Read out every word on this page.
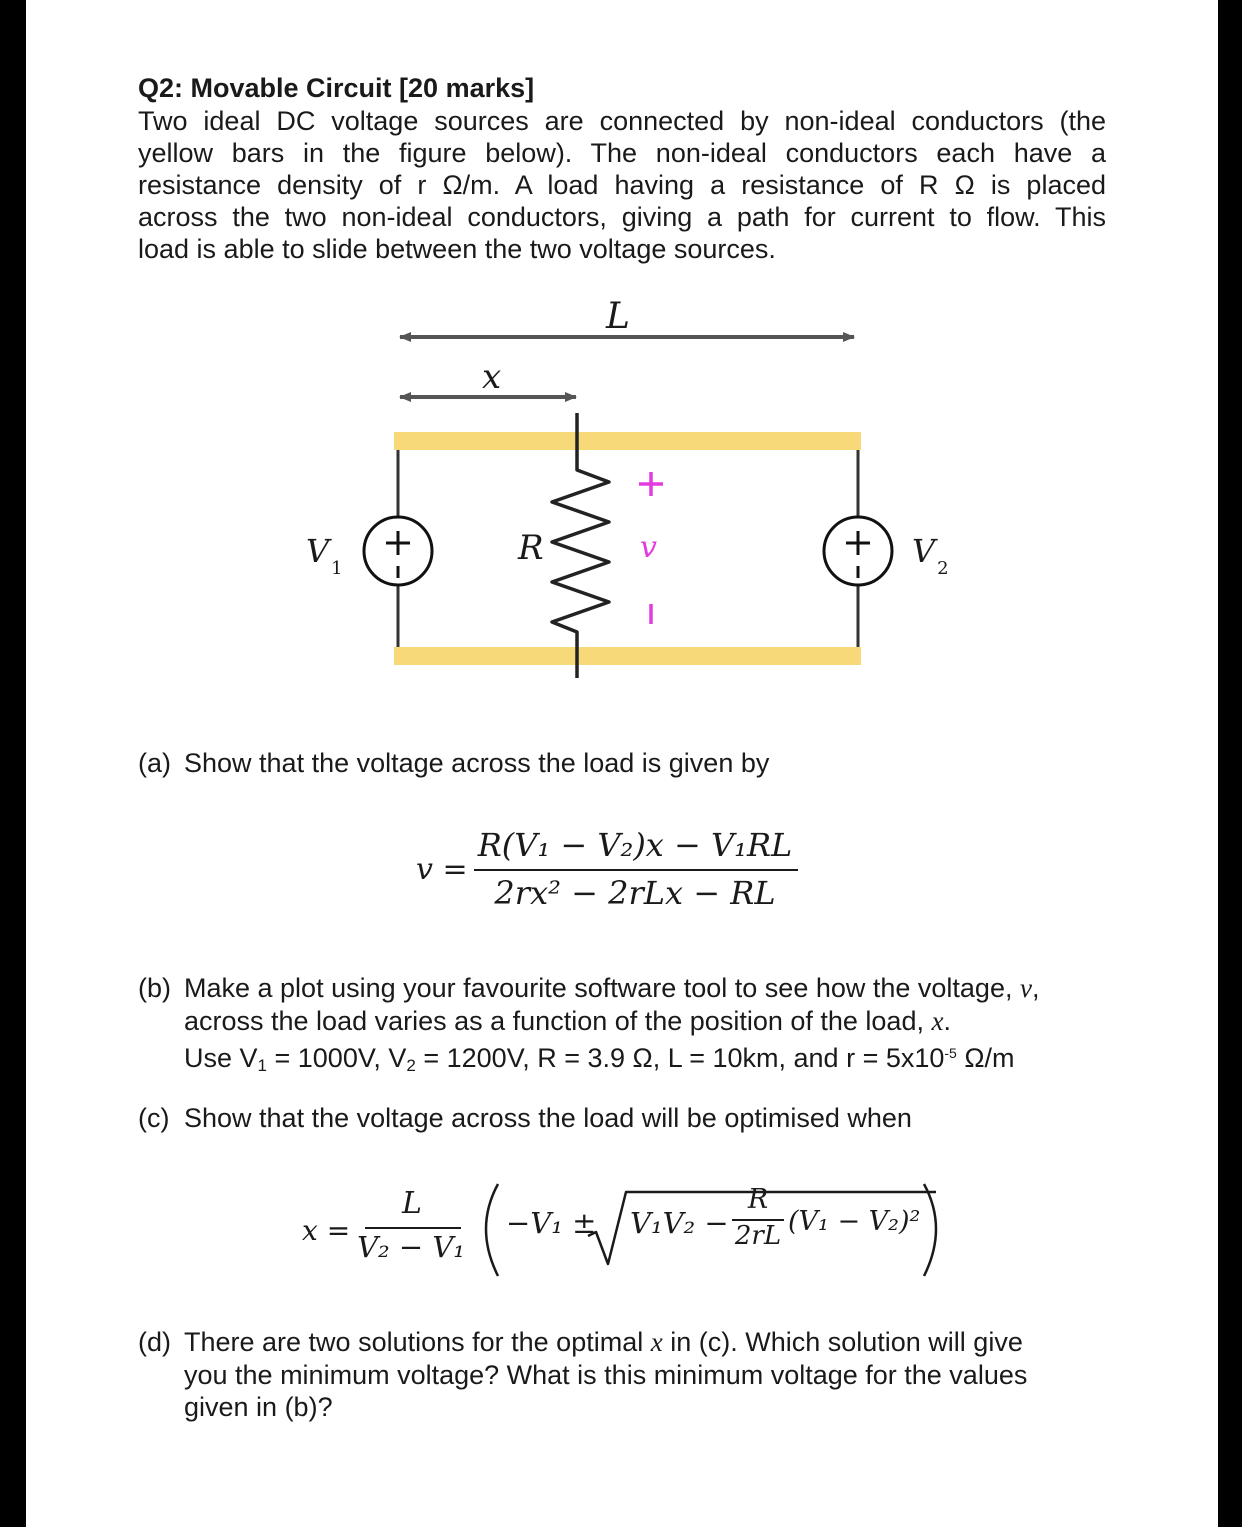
Q2: Movable Circuit [20 marks]
Two ideal DC voltage sources are connected by non-ideal conductors (the
yellow bars in the figure below). The non-ideal conductors each have a
resistance density of r Ω/m. A load having a resistance of R Ω is placed
across the two non-ideal conductors, giving a path for current to flow. This
load is able to slide between the two voltage sources.
L
x
R	v
V $_1$	V $_2$
(a) Show that the voltage across the load is given by
v =
R(V₁ − V₂)x − V₁RL
2rx² − 2rLx − RL
(b) Make a plot using your favourite software tool to see how the voltage, v,
across the load varies as a function of the position of the load, x.
Use $V_1 = 1000V$, $V_2 = 1200V$, R = 3.9 Ω, L = 10km, and $r = 5x10^{-5}$ Ω/m
(c) Show that the voltage across the load will be optimised when
x =
L
V₂ − V₁
−V₁ ± V₁V₂ −
R
2rL (V₁ − V₂)²
(d) There are two solutions for the optimal x in (c). Which solution will give
you the minimum voltage? What is this minimum voltage for the values
given in (b)?
